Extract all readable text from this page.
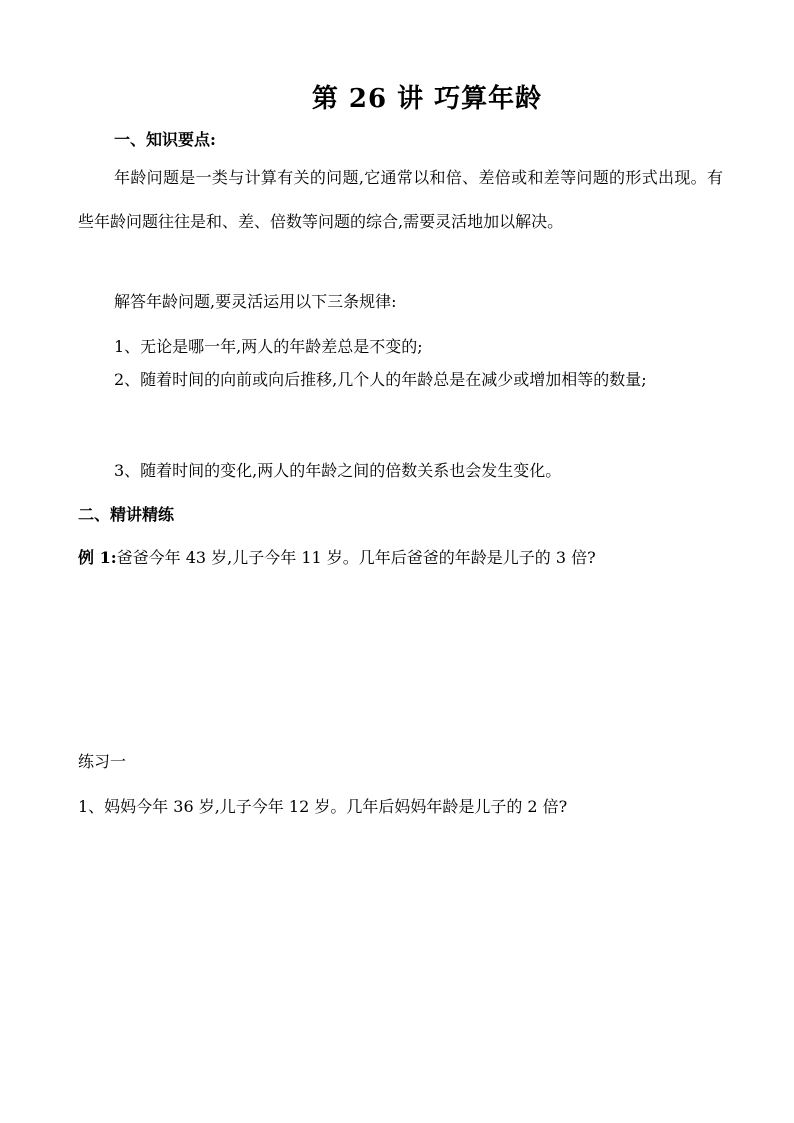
第 26 讲 巧算年龄
一、知识要点:
年龄问题是一类与计算有关的问题,它通常以和倍、差倍或和差等问题的形式出现。有些年龄问题往往是和、差、倍数等问题的综合,需要灵活地加以解决。
解答年龄问题,要灵活运用以下三条规律:
1、无论是哪一年,两人的年龄差总是不变的;
2、随着时间的向前或向后推移,几个人的年龄总是在减少或增加相等的数量;
3、随着时间的变化,两人的年龄之间的倍数关系也会发生变化。
二、精讲精练
例 1:爸爸今年 43 岁,儿子今年 11 岁。几年后爸爸的年龄是儿子的 3 倍?
练习一
1、妈妈今年 36 岁,儿子今年 12 岁。几年后妈妈年龄是儿子的 2 倍?
